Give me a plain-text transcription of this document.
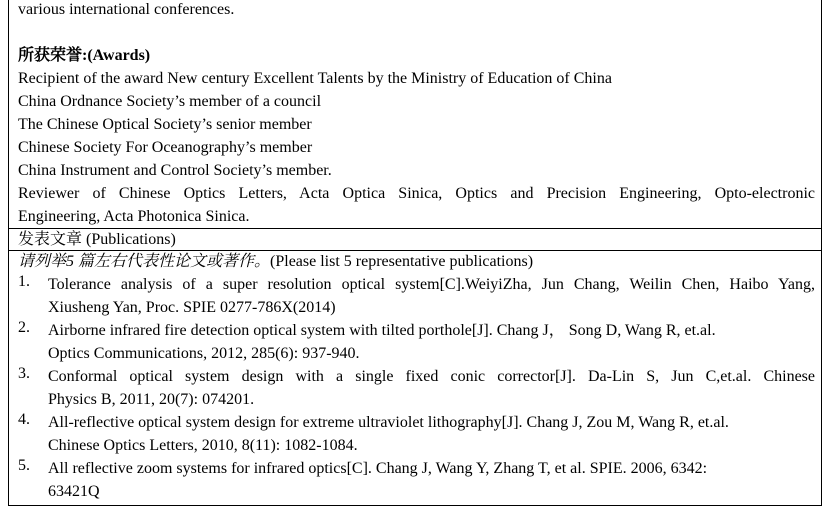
various international conferences.
所获荣誉:(Awards)
Recipient of the award New century Excellent Talents by the Ministry of Education of China
China Ordnance Society’s member of a council
The Chinese Optical Society’s senior member
Chinese Society For Oceanography’s member
China Instrument and Control Society’s member.
Reviewer of Chinese Optics Letters, Acta Optica Sinica, Optics and Precision Engineering, Opto-electronic
Engineering, Acta Photonica Sinica.
发表文章 (Publications)
请列举5 篇左右代表性论文或著作。(Please list 5 representative publications)
1.	Tolerance analysis of a super resolution optical system[C].WeiyiZha, Jun Chang, Weilin Chen, Haibo Yang,
Xiusheng Yan, Proc. SPIE 0277-786X(2014)
2.	Airborne infrared fire detection optical system with tilted porthole[J]. Chang J， Song D, Wang R, et.al.
Optics Communications, 2012, 285(6): 937-940.
3.	Conformal optical system design with a single fixed conic corrector[J]. Da-Lin S, Jun C,et.al. Chinese
Physics B, 2011, 20(7): 074201.
4.	All-reflective optical system design for extreme ultraviolet lithography[J]. Chang J, Zou M, Wang R, et.al.
Chinese Optics Letters, 2010, 8(11): 1082-1084.
5.	All reflective zoom systems for infrared optics[C]. Chang J, Wang Y, Zhang T, et al. SPIE. 2006, 6342:
63421Q
